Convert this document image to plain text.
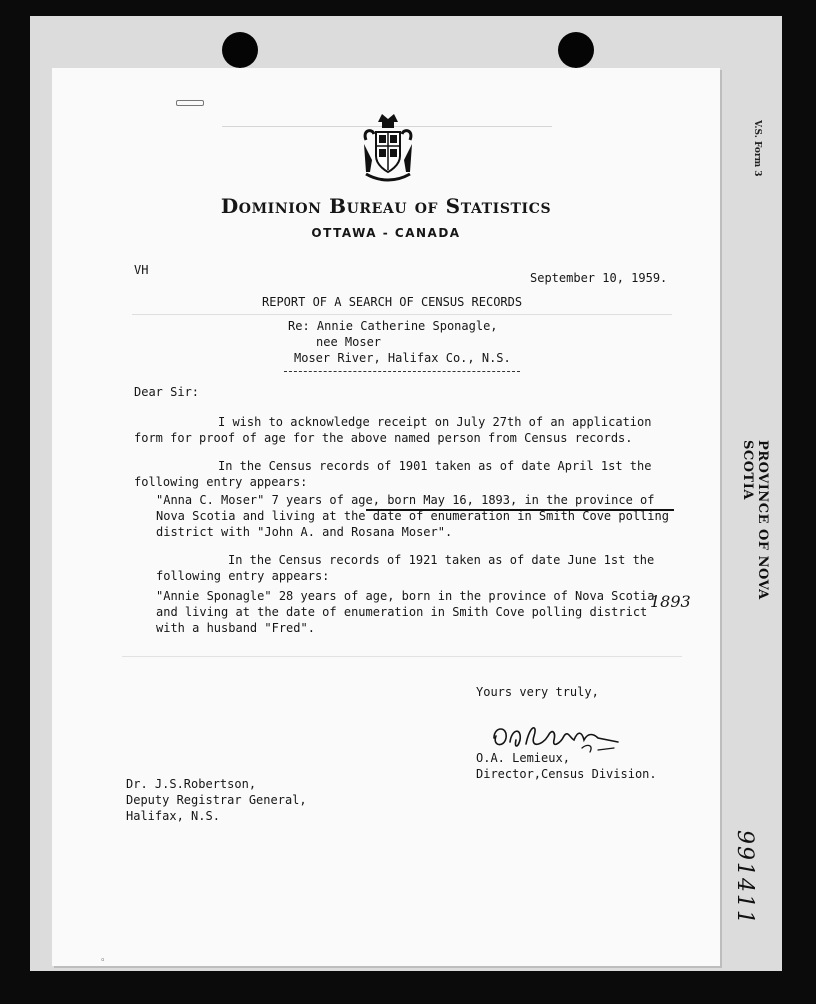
V.S. Form 3
PROVINCE OF NOVA SCOTIA
991411
Dominion Bureau of Statistics
OTTAWA - CANADA
VH
September 10, 1959.
REPORT OF A SEARCH OF CENSUS RECORDS
Re: Annie Catherine Sponagle,
nee Moser
Moser River, Halifax Co., N.S.
Dear Sir:
I wish to acknowledge receipt on July 27th of an application
form for proof of age for the above named person from Census records.
In the Census records of 1901 taken as of date April 1st the
following entry appears:
"Anna C. Moser" 7 years of age, born May 16, 1893, in the province of
Nova Scotia and living at the date of enumeration in Smith Cove polling
district with "John A. and Rosana Moser".
In the Census records of 1921 taken as of date June 1st the
following entry appears:
"Annie Sponagle" 28 years of age, born in the province of Nova Scotia
and living at the date of enumeration in Smith Cove polling district
with a husband "Fred".
1893
Yours very truly,
O.A. Lemieux,
Director,Census Division.
Dr. J.S.Robertson,
Deputy Registrar General,
Halifax, N.S.
◦
